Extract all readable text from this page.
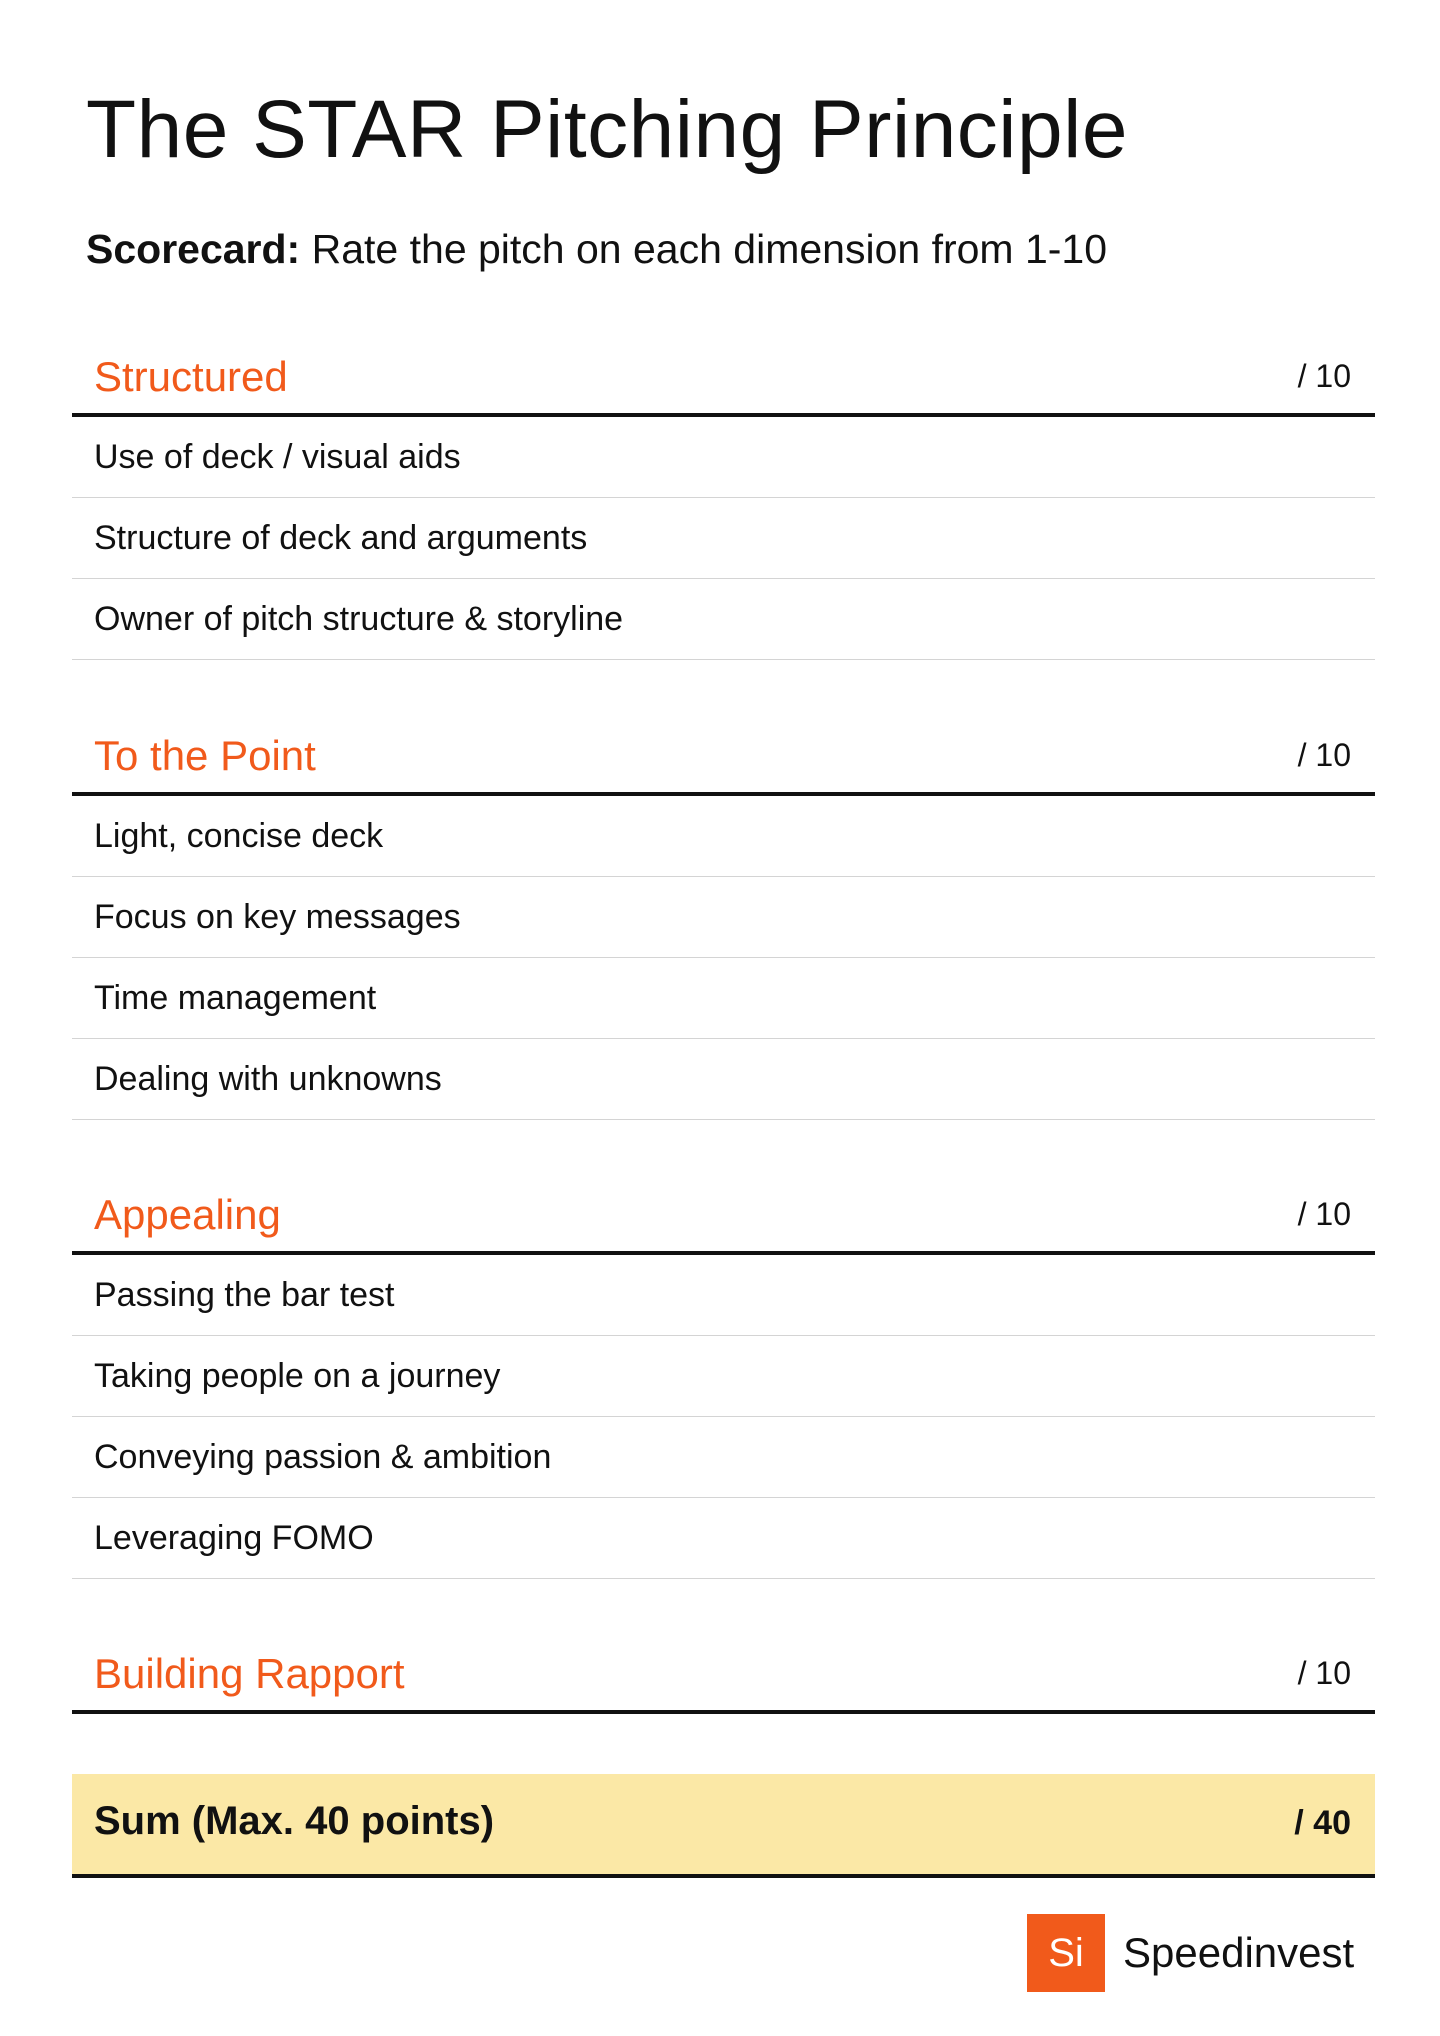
The STAR Pitching Principle
Scorecard: Rate the pitch on each dimension from 1-10
Structured	/ 10
Use of deck / visual aids
Structure of deck and arguments
Owner of pitch structure & storyline
To the Point	/ 10
Light, concise deck
Focus on key messages
Time management
Dealing with unknowns
Appealing	/ 10
Passing the bar test
Taking people on a journey
Conveying passion & ambition
Leveraging FOMO
Building Rapport	/ 10
Sum (Max. 40 points)	/ 40
Si Speedinvest
